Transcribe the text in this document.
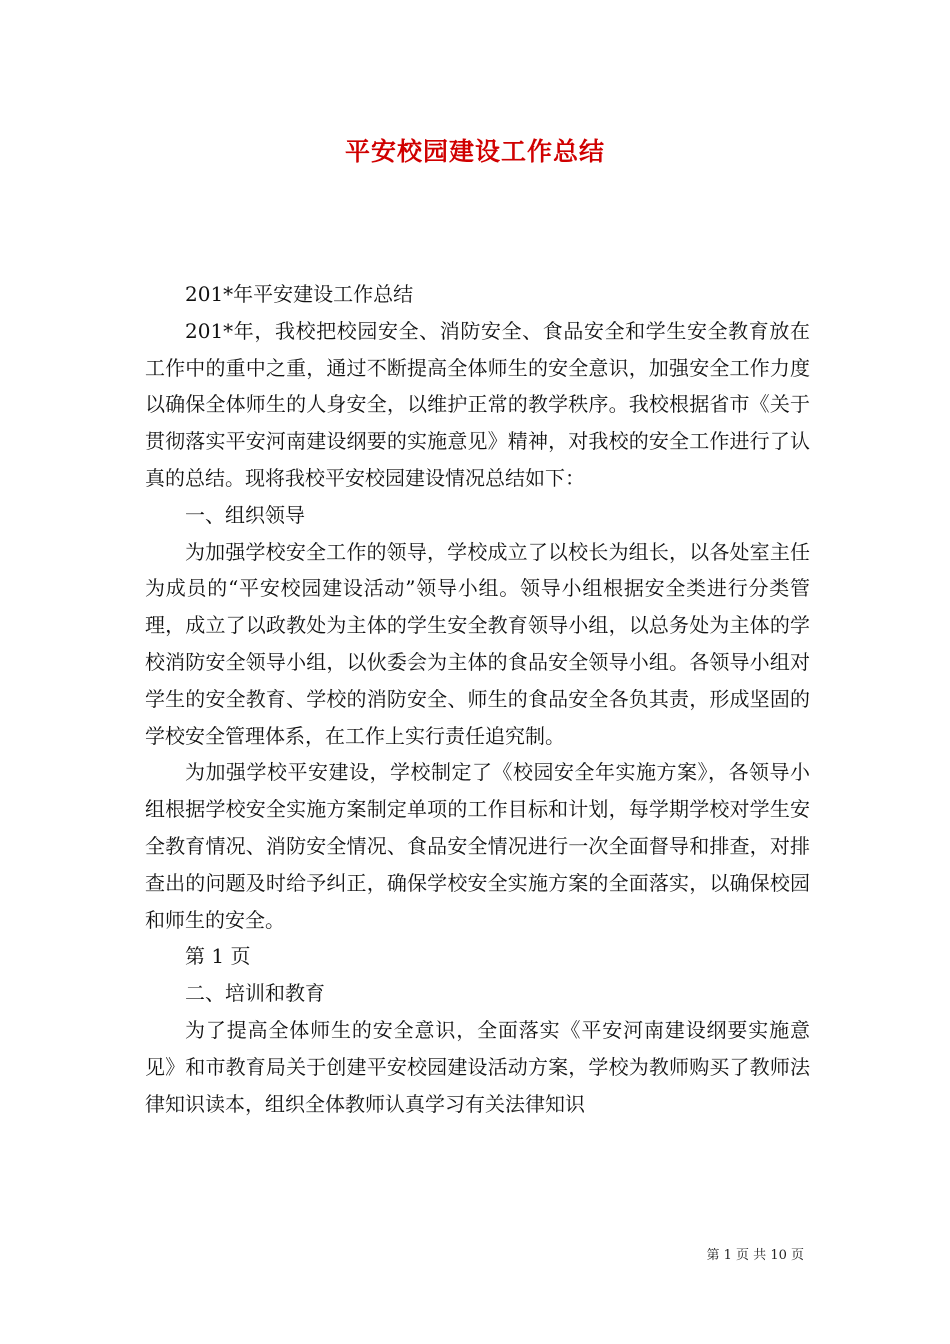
平安校园建设工作总结

201*年平安建设工作总结

201*年，我校把校园安全、消防安全、食品安全和学生安全教育放在工作中的重中之重，通过不断提高全体师生的安全意识，加强安全工作力度以确保全体师生的人身安全，以维护正常的教学秩序。我校根据省市《关于贯彻落实平安河南建设纲要的实施意见》精神，对我校的安全工作进行了认真的总结。现将我校平安校园建设情况总结如下：

一、组织领导

为加强学校安全工作的领导，学校成立了以校长为组长，以各处室主任为成员的“平安校园建设活动”领导小组。领导小组根据安全类进行分类管理，成立了以政教处为主体的学生安全教育领导小组，以总务处为主体的学校消防安全领导小组，以伙委会为主体的食品安全领导小组。各领导小组对学生的安全教育、学校的消防安全、师生的食品安全各负其责，形成坚固的学校安全管理体系，在工作上实行责任追究制。

为加强学校平安建设，学校制定了《校园安全年实施方案》，各领导小组根据学校安全实施方案制定单项的工作目标和计划，每学期学校对学生安全教育情况、消防安全情况、食品安全情况进行一次全面督导和排查，对排查出的问题及时给予纠正，确保学校安全实施方案的全面落实，以确保校园和师生的安全。

第 1 页

二、培训和教育

为了提高全体师生的安全意识，全面落实《平安河南建设纲要实施意见》和市教育局关于创建平安校园建设活动方案，学校为教师购买了教师法律知识读本，组织全体教师认真学习有关法律知识

第 1 页 共 10 页
